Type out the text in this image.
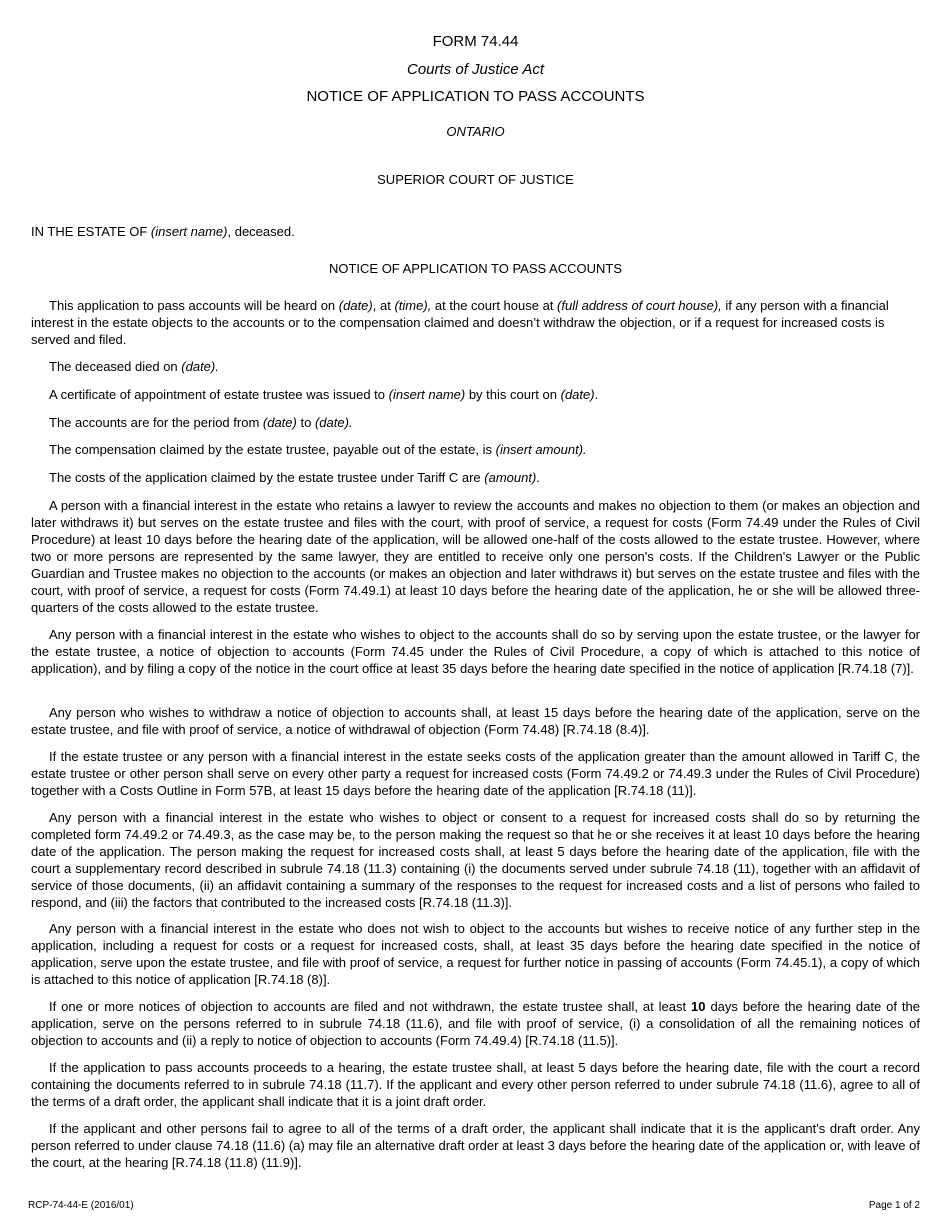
FORM 74.44
Courts of Justice Act
NOTICE OF APPLICATION TO PASS ACCOUNTS
ONTARIO
SUPERIOR COURT OF JUSTICE
IN THE ESTATE OF (insert name), deceased.
NOTICE OF APPLICATION TO PASS ACCOUNTS

This application to pass accounts will be heard on (date), at (time), at the court house at (full address of court house), if any person with a financial interest in the estate objects to the accounts or to the compensation claimed and doesn’t withdraw the objection, or if a request for increased costs is served and filed.

The deceased died on (date).

A certificate of appointment of estate trustee was issued to (insert name) by this court on (date).

The accounts are for the period from (date) to (date).

The compensation claimed by the estate trustee, payable out of the estate, is (insert amount).

The costs of the application claimed by the estate trustee under Tariff C are (amount).

A person with a financial interest in the estate who retains a lawyer to review the accounts and makes no objection to them (or makes an objection and later withdraws it) but serves on the estate trustee and files with the court, with proof of service, a request for costs (Form 74.49 under the Rules of Civil Procedure) at least 10 days before the hearing date of the application, will be allowed one-half of the costs allowed to the estate trustee. However, where two or more persons are represented by the same lawyer, they are entitled to receive only one person's costs. If the Children's Lawyer or the Public Guardian and Trustee makes no objection to the accounts (or makes an objection and later withdraws it) but serves on the estate trustee and files with the court, with proof of service, a request for costs (Form 74.49.1) at least 10 days before the hearing date of the application, he or she will be allowed three-quarters of the costs allowed to the estate trustee.

Any person with a financial interest in the estate who wishes to object to the accounts shall do so by serving upon the estate trustee, or the lawyer for the estate trustee, a notice of objection to accounts (Form 74.45 under the Rules of Civil Procedure, a copy of which is attached to this notice of application), and by filing a copy of the notice in the court office at least 35 days before the hearing date specified in the notice of application [R.74.18 (7)].

Any person who wishes to withdraw a notice of objection to accounts shall, at least 15 days before the hearing date of the application, serve on the estate trustee, and file with proof of service, a notice of withdrawal of objection (Form 74.48) [R.74.18 (8.4)].

If the estate trustee or any person with a financial interest in the estate seeks costs of the application greater than the amount allowed in Tariff C, the estate trustee or other person shall serve on every other party a request for increased costs (Form 74.49.2 or 74.49.3 under the Rules of Civil Procedure) together with a Costs Outline in Form 57B, at least 15 days before the hearing date of the application [R.74.18 (11)].

Any person with a financial interest in the estate who wishes to object or consent to a request for increased costs shall do so by returning the completed form 74.49.2 or 74.49.3, as the case may be, to the person making the request so that he or she receives it at least 10 days before the hearing date of the application. The person making the request for increased costs shall, at least 5 days before the hearing date of the application, file with the court a supplementary record described in subrule 74.18 (11.3) containing (i) the documents served under subrule 74.18 (11), together with an affidavit of service of those documents, (ii) an affidavit containing a summary of the responses to the request for increased costs and a list of persons who failed to respond, and (iii) the factors that contributed to the increased costs [R.74.18 (11.3)].

Any person with a financial interest in the estate who does not wish to object to the accounts but wishes to receive notice of any further step in the application, including a request for costs or a request for increased costs, shall, at least 35 days before the hearing date specified in the notice of application, serve upon the estate trustee, and file with proof of service, a request for further notice in passing of accounts (Form 74.45.1), a copy of which is attached to this notice of application [R.74.18 (8)].

If one or more notices of objection to accounts are filed and not withdrawn, the estate trustee shall, at least 10 days before the hearing date of the application, serve on the persons referred to in subrule 74.18 (11.6), and file with proof of service, (i) a consolidation of all the remaining notices of objection to accounts and (ii) a reply to notice of objection to accounts (Form 74.49.4) [R.74.18 (11.5)].

If the application to pass accounts proceeds to a hearing, the estate trustee shall, at least 5 days before the hearing date, file with the court a record containing the documents referred to in subrule 74.18 (11.7). If the applicant and every other person referred to under subrule 74.18 (11.6), agree to all of the terms of a draft order, the applicant shall indicate that it is a joint draft order.

If the applicant and other persons fail to agree to all of the terms of a draft order, the applicant shall indicate that it is the applicant's draft order. Any person referred to under clause 74.18 (11.6) (a) may file an alternative draft order at least 3 days before the hearing date of the application or, with leave of the court, at the hearing [R.74.18 (11.8) (11.9)].

RCP-74-44-E (2016/01)	Page 1 of 2
